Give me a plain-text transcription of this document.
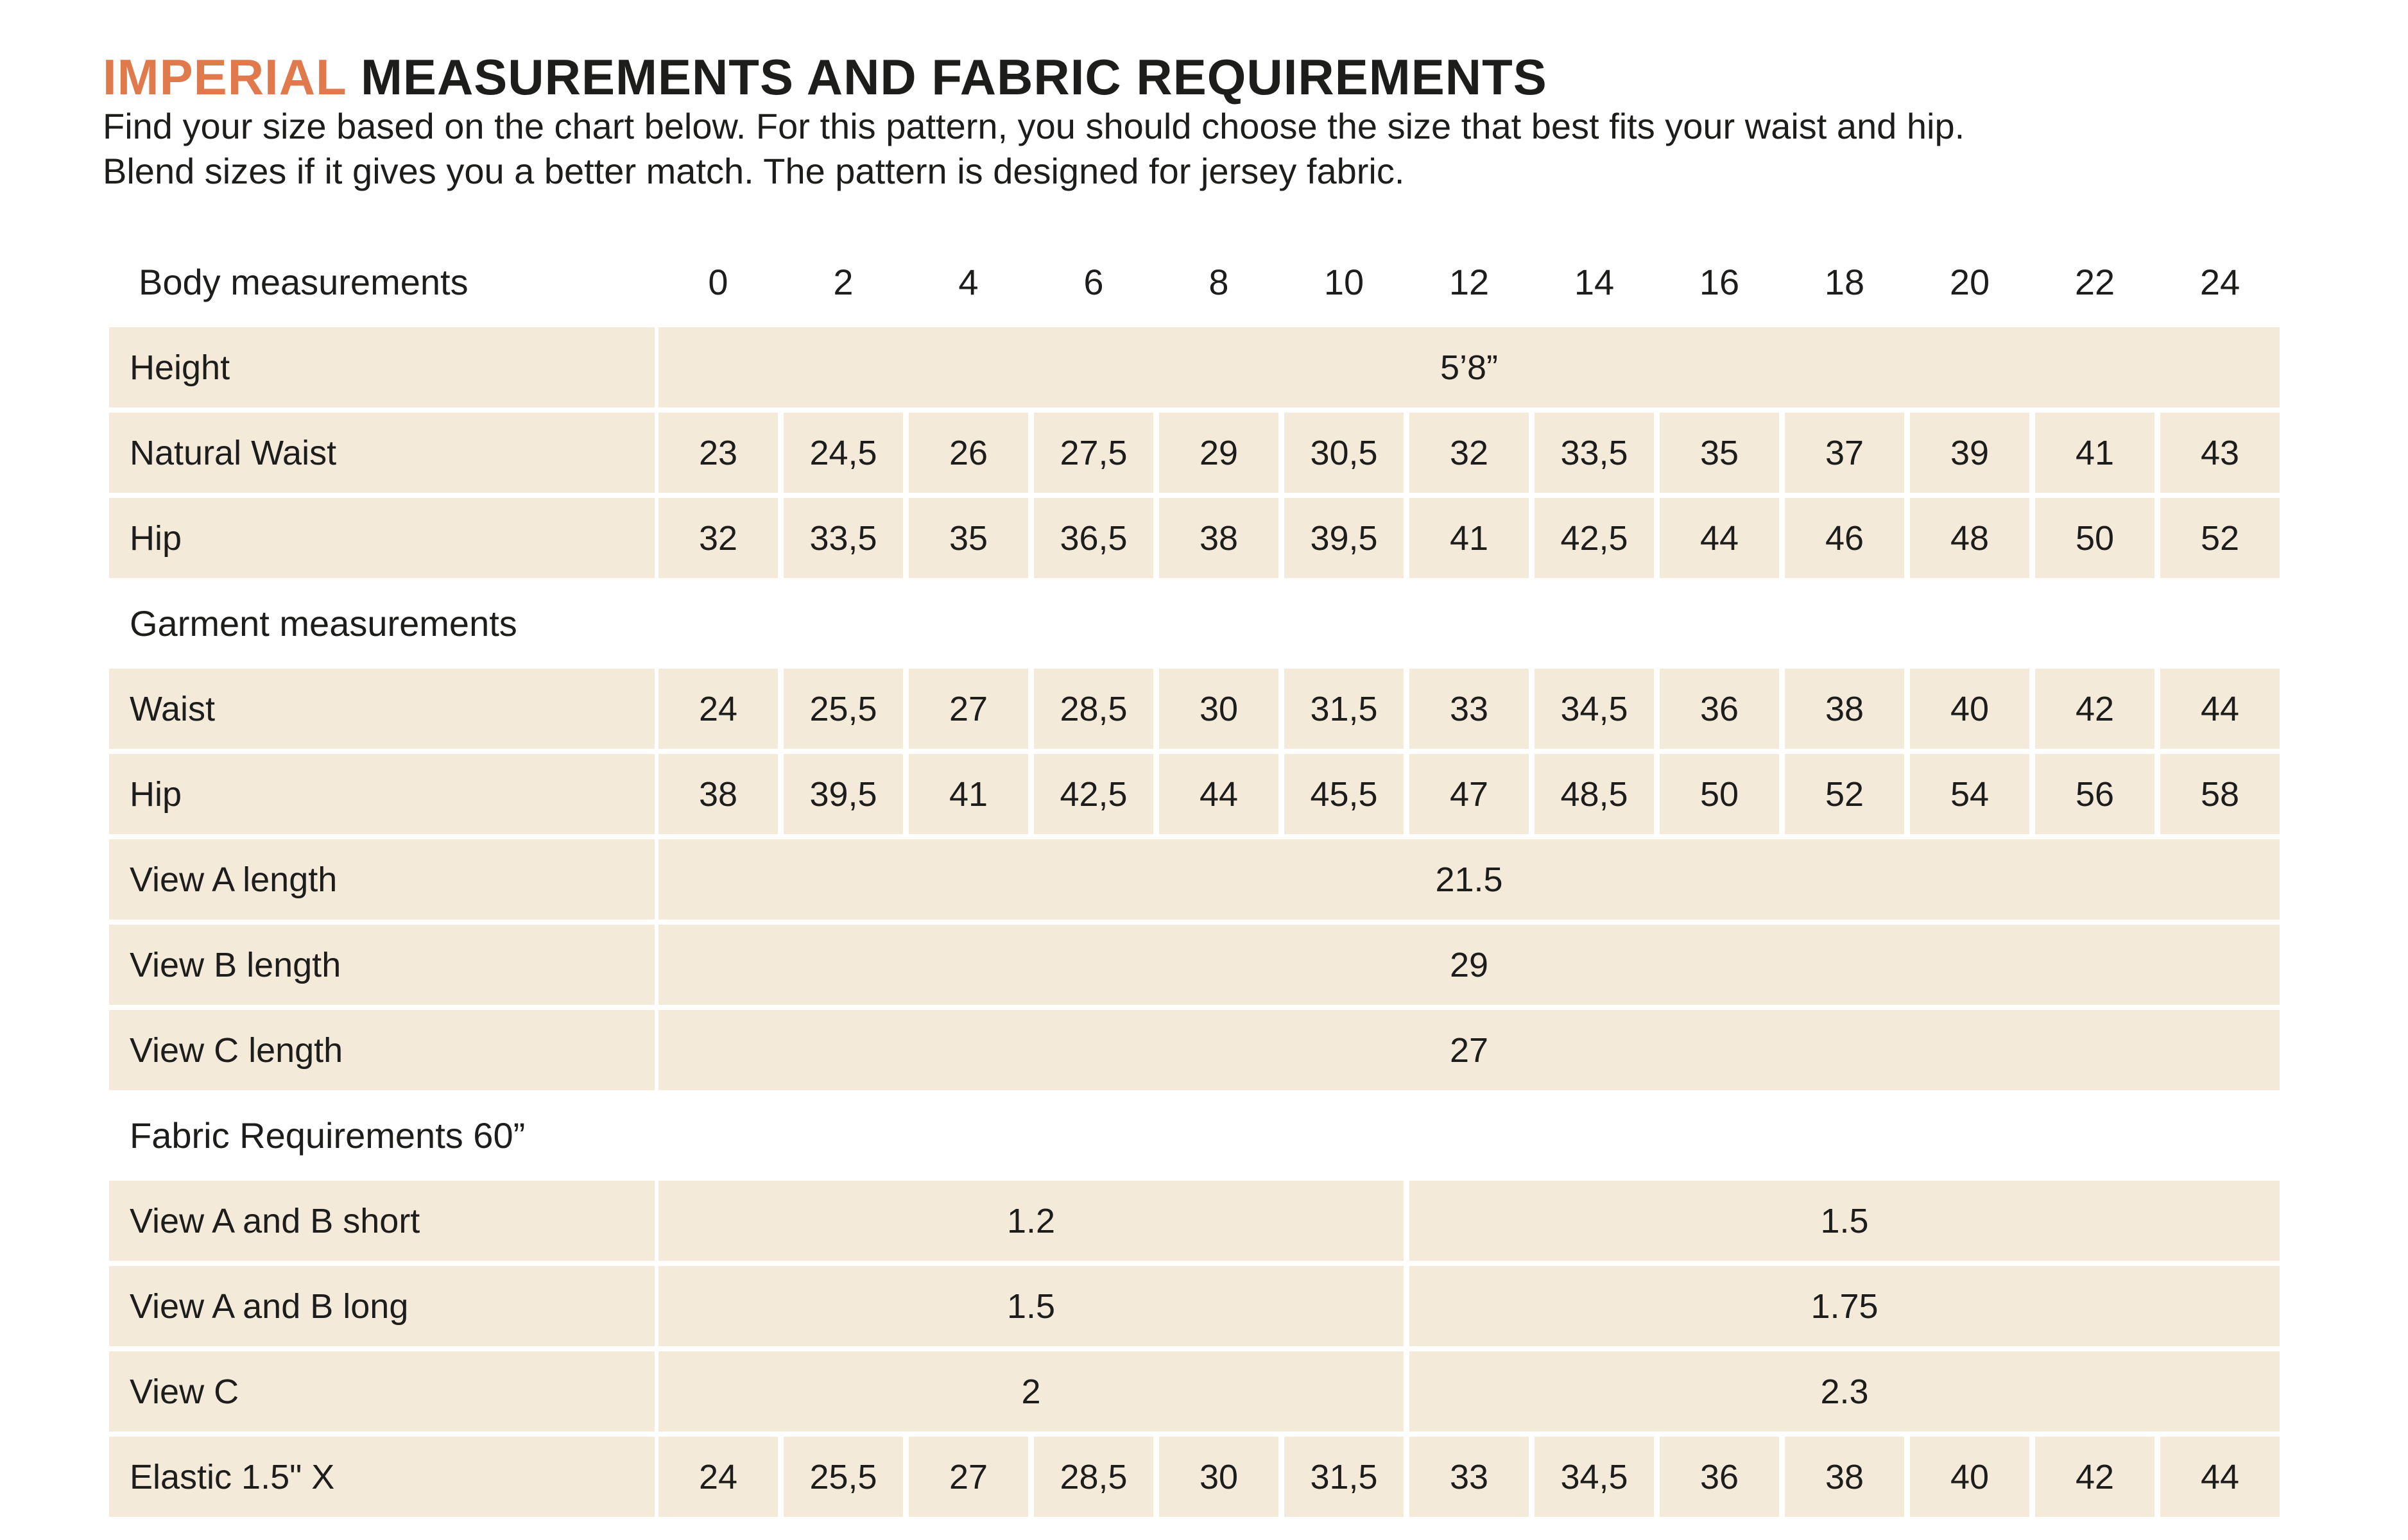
IMPERIAL MEASUREMENTS AND FABRIC REQUIREMENTS

Find your size based on the chart below. For this pattern, you should choose the size that best fits your waist and hip.

Blend sizes if it gives you a better match. The pattern is designed for jersey fabric.

Body measurements	0	2	4	6	8	10	12	14	16	18	20	22	24
Height	5’8”
Natural Waist	23	24,5	26	27,5	29	30,5	32	33,5	35	37	39	41	43
Hip	32	33,5	35	36,5	38	39,5	41	42,5	44	46	48	50	52
Garment measurements
Waist	24	25,5	27	28,5	30	31,5	33	34,5	36	38	40	42	44
Hip	38	39,5	41	42,5	44	45,5	47	48,5	50	52	54	56	58
View A length	21.5
View B length	29
View C length	27
Fabric Requirements 60”
View A and B short	1.2	1.5
View A and B long	1.5	1.75
View C	2	2.3
Elastic 1.5" X	24	25,5	27	28,5	30	31,5	33	34,5	36	38	40	42	44
